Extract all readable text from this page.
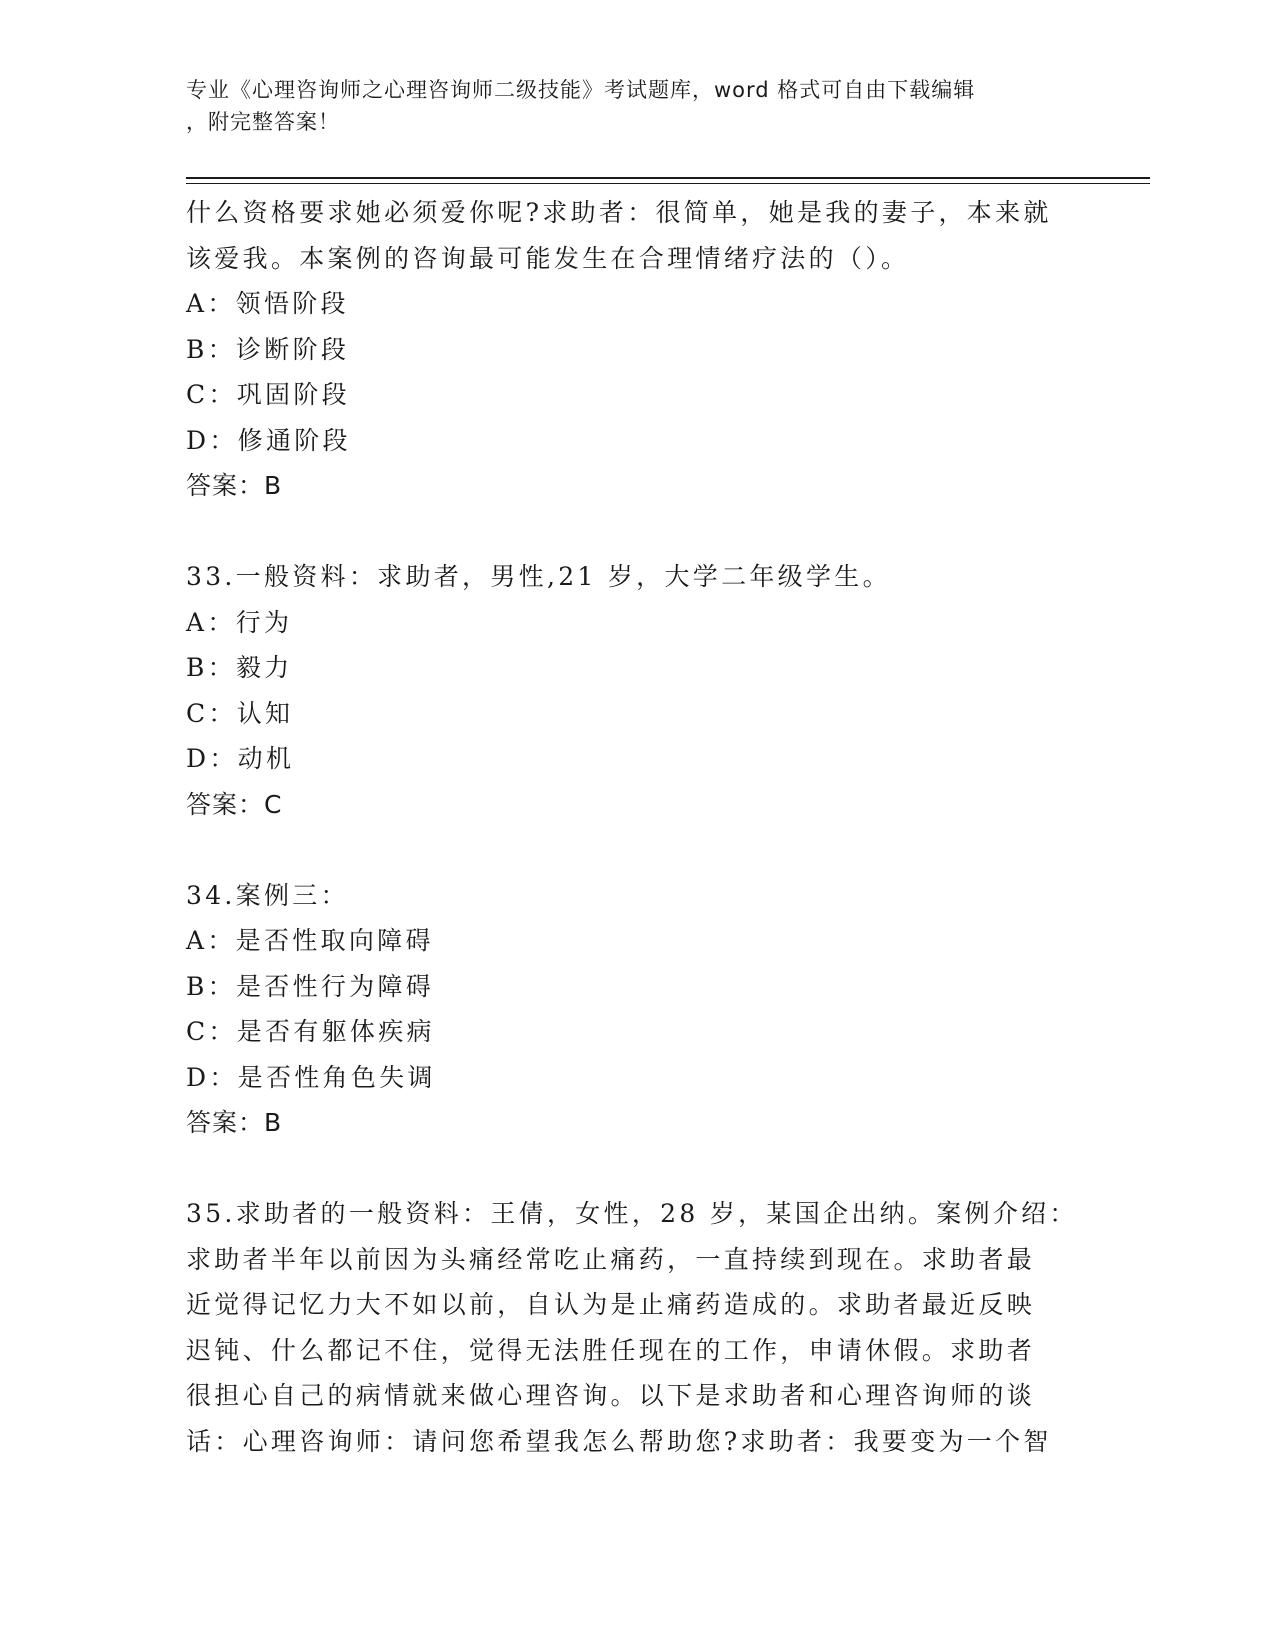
专业《心理咨询师之心理咨询师二级技能》考试题库，word 格式可自由下载编辑
，附完整答案！
什么资格要求她必须爱你呢?求助者：很简单，她是我的妻子，本来就
该爱我。本案例的咨询最可能发生在合理情绪疗法的（）。
A：领悟阶段
B：诊断阶段
C：巩固阶段
D：修通阶段
答案：B
33.一般资料：求助者，男性,21 岁，大学二年级学生。
A：行为
B：毅力
C：认知
D：动机
答案：C
34.案例三：
A：是否性取向障碍
B：是否性行为障碍
C：是否有躯体疾病
D：是否性角色失调
答案：B
35.求助者的一般资料：王倩，女性，28 岁，某国企出纳。案例介绍：
求助者半年以前因为头痛经常吃止痛药，一直持续到现在。求助者最
近觉得记忆力大不如以前，自认为是止痛药造成的。求助者最近反映
迟钝、什么都记不住，觉得无法胜任现在的工作，申请休假。求助者
很担心自己的病情就来做心理咨询。以下是求助者和心理咨询师的谈
话：心理咨询师：请问您希望我怎么帮助您?求助者：我要变为一个智
